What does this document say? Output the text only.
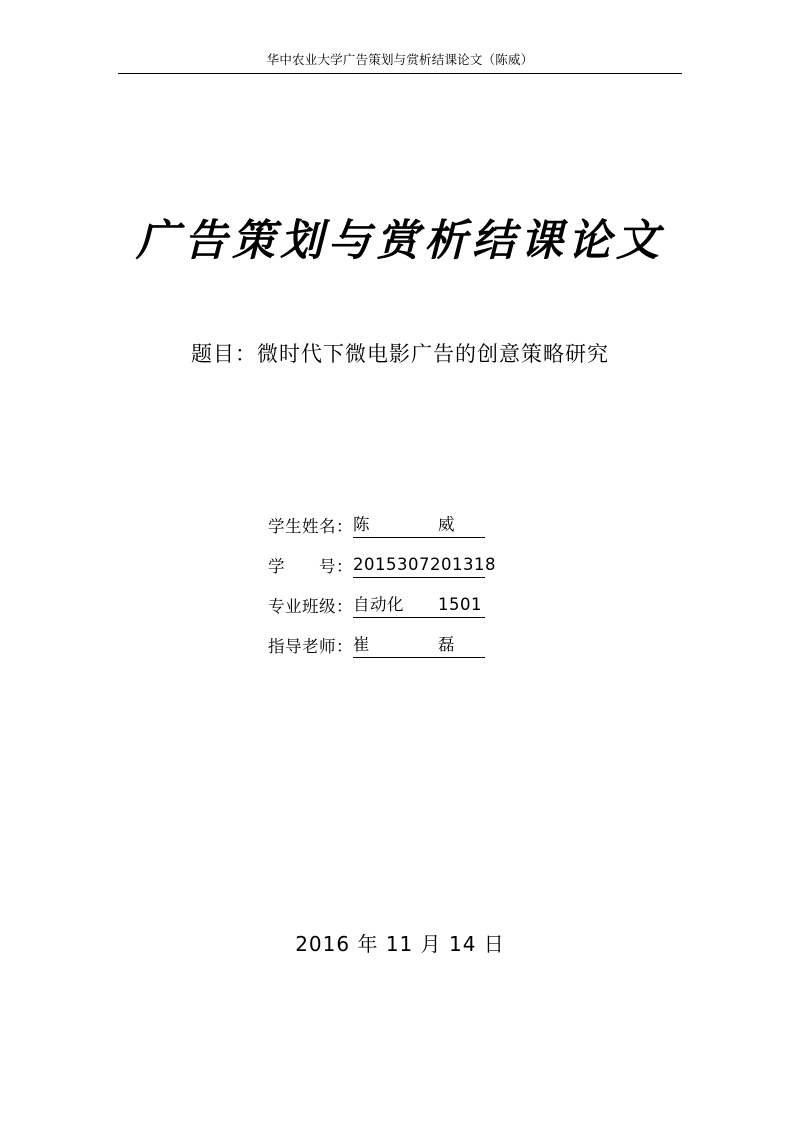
华中农业大学广告策划与赏析结课论文（陈威）
广告策划与赏析结课论文
题目：微时代下微电影广告的创意策略研究
学生姓名： 陈　　　　威
学　　号： 2015307201318
专业班级： 自动化　　1501
指导老师： 崔　　　　磊
2016 年 11 月 14 日
